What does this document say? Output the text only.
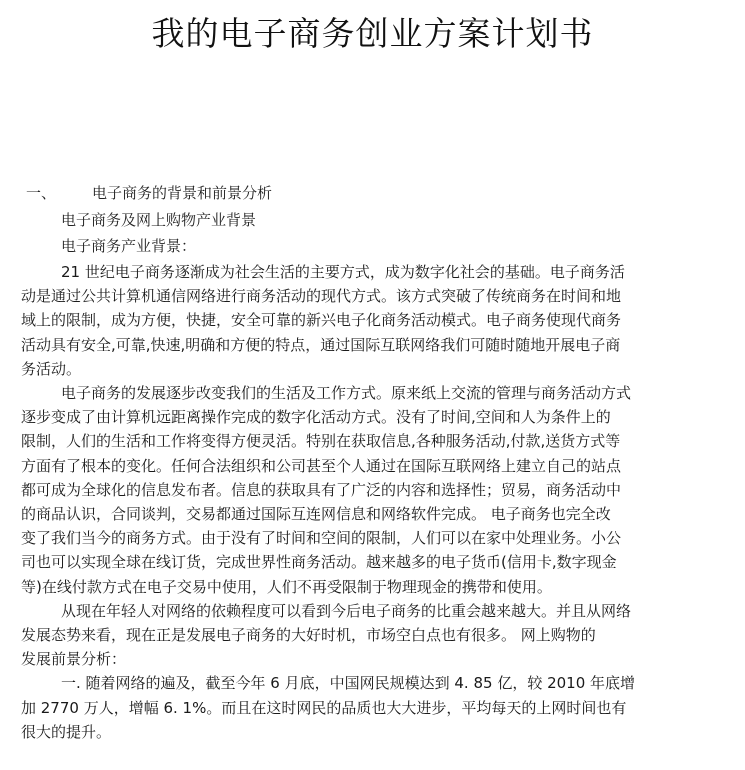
我的电子商务创业方案计划书
一、 电子商务的背景和前景分析
电子商务及网上购物产业背景
电子商务产业背景：
21 世纪电子商务逐渐成为社会生活的主要方式，成为数字化社会的基础。电子商务活
动是通过公共计算机通信网络进行商务活动的现代方式。该方式突破了传统商务在时间和地
域上的限制，成为方便，快捷，安全可靠的新兴电子化商务活动模式。电子商务使现代商务
活动具有安全,可靠,快速,明确和方便的特点，通过国际互联网络我们可随时随地开展电子商
务活动。
电子商务的发展逐步改变我们的生活及工作方式。原来纸上交流的管理与商务活动方式
逐步变成了由计算机远距离操作完成的数字化活动方式。没有了时间,空间和人为条件上的
限制，人们的生活和工作将变得方便灵活。特别在获取信息,各种服务活动,付款,送货方式等
方面有了根本的变化。任何合法组织和公司甚至个人通过在国际互联网络上建立自己的站点
都可成为全球化的信息发布者。信息的获取具有了广泛的内容和选择性；贸易，商务活动中
的商品认识，合同谈判，交易都通过国际互连网信息和网络软件完成。 电子商务也完全改
变了我们当今的商务方式。由于没有了时间和空间的限制，人们可以在家中处理业务。小公
司也可以实现全球在线订货，完成世界性商务活动。越来越多的电子货币(信用卡,数字现金
等)在线付款方式在电子交易中使用，人们不再受限制于物理现金的携带和使用。
从现在年轻人对网络的依赖程度可以看到今后电子商务的比重会越来越大。并且从网络
发展态势来看，现在正是发展电子商务的大好时机，市场空白点也有很多。 网上购物的
发展前景分析：
一. 随着网络的遍及，截至今年 6 月底，中国网民规模达到 4. 85 亿，较 2010 年底增
加 2770 万人，增幅 6. 1%。而且在这时网民的品质也大大进步，平均每天的上网时间也有
很大的提升。
